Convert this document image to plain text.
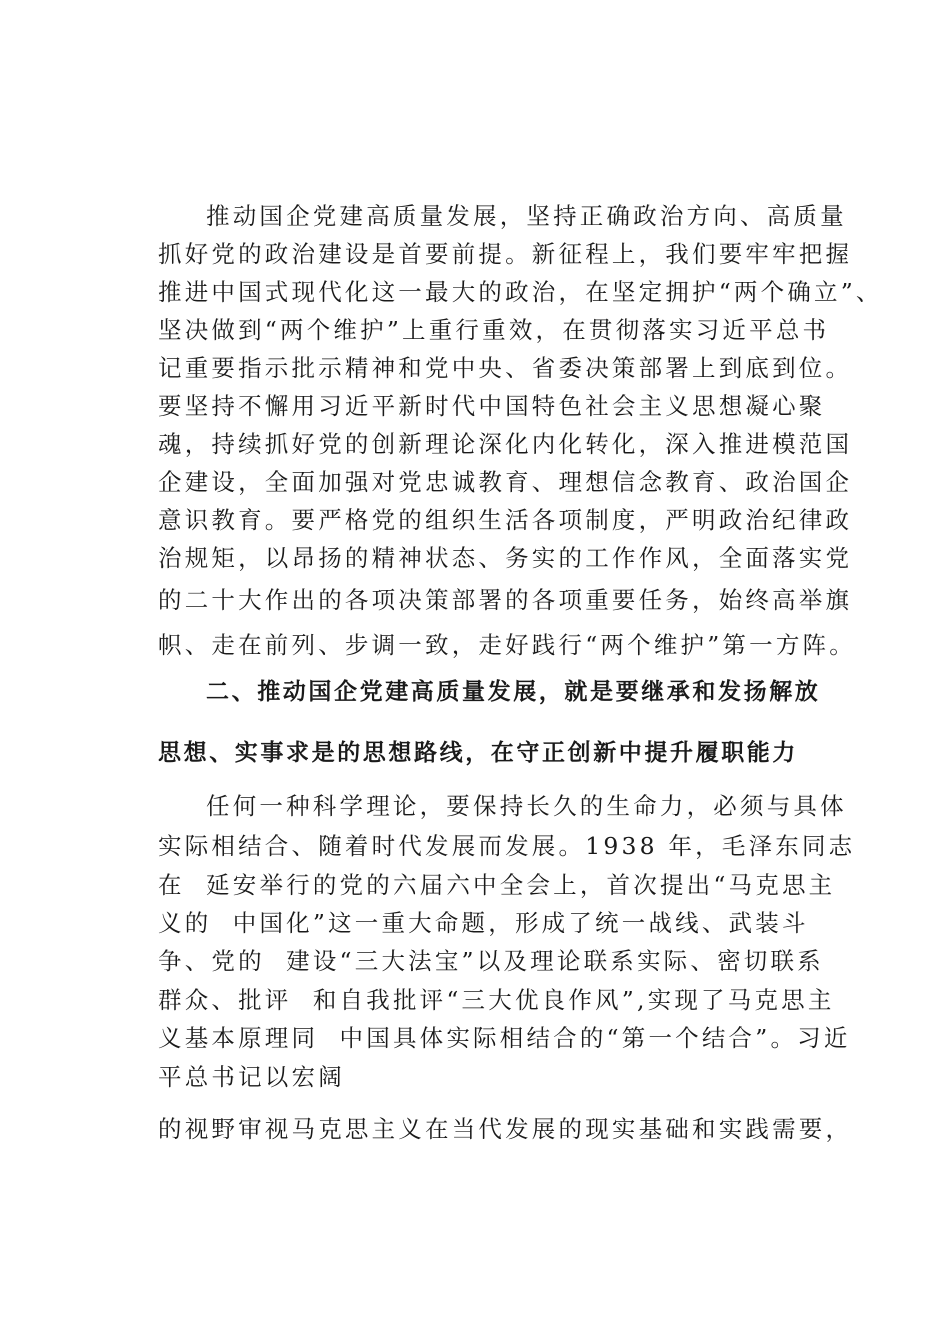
推动国企党建高质量发展，坚持正确政治方向、高质量
抓好党的政治建设是首要前提。新征程上，我们要牢牢把握
推进中国式现代化这一最大的政治，在坚定拥护“两个确立”、
坚决做到“两个维护”上重行重效，在贯彻落实习近平总书
记重要指示批示精神和党中央、省委决策部署上到底到位。
要坚持不懈用习近平新时代中国特色社会主义思想凝心聚
魂，持续抓好党的创新理论深化内化转化，深入推进模范国
企建设，全面加强对党忠诚教育、理想信念教育、政治国企
意识教育。要严格党的组织生活各项制度，严明政治纪律政
治规矩，以昂扬的精神状态、务实的工作作风，全面落实党
的二十大作出的各项决策部署的各项重要任务，始终高举旗
帜、走在前列、步调一致，走好践行“两个维护”第一方阵。
二、推动国企党建高质量发展，就是要继承和发扬解放
思想、实事求是的思想路线，在守正创新中提升履职能力
任何一种科学理论，要保持长久的生命力，必须与具体
实际相结合、随着时代发展而发展。1938 年，毛泽东同志
在  延安举行的党的六届六中全会上，首次提出“马克思主
义的  中国化”这一重大命题，形成了统一战线、武装斗
争、党的  建设“三大法宝”以及理论联系实际、密切联系
群众、批评  和自我批评“三大优良作风”,实现了马克思主
义基本原理同  中国具体实际相结合的“第一个结合”。习近
平总书记以宏阔
的视野审视马克思主义在当代发展的现实基础和实践需要，
